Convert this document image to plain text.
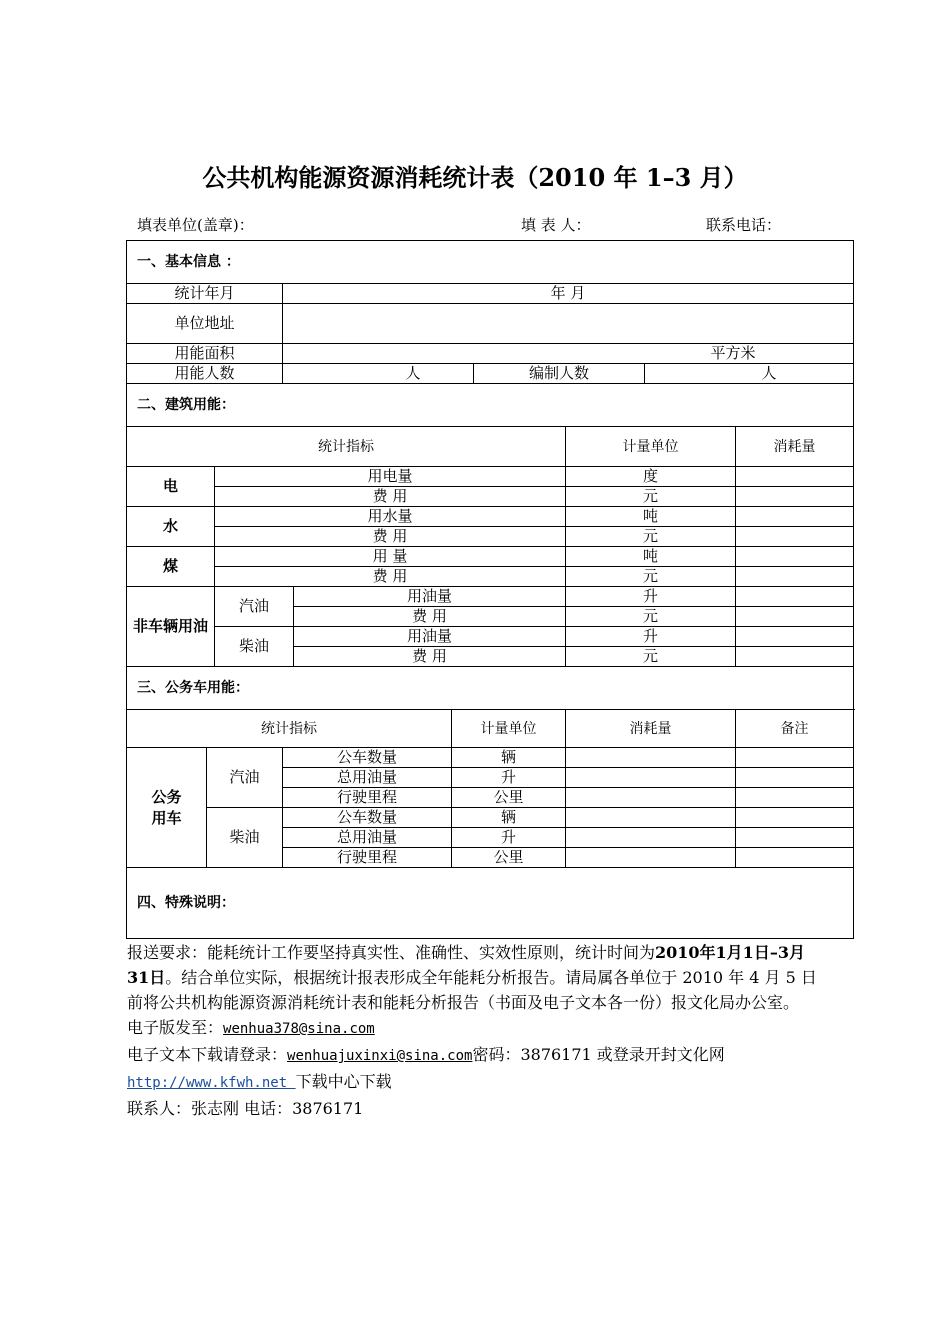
公共机构能源资源消耗统计表（2010 年 1–3 月）
填表单位(盖章)：	填 表 人：	联系电话：
一、基本信息 ：			
统计年月	年 月		
单位地址			
用能面积	平方米		
用能人数	人	编制人数	人
二、建筑用能：			
统计指标			计量单位	消耗量	
电	用电量		度		
	费 用		元		
水	用水量		吨		
	费 用		元		
煤	用 量		吨		
	费 用		元		
非车辆用油	汽油	用油量	升		
		费 用	元		
	柴油	用油量	升		
		费 用	元		
三、公务车用能：					
统计指标			计量单位	消耗量	备注
公务用车	汽油	公车数量	辆		
		总用油量	升		
		行驶里程	公里		
	柴油	公车数量	辆		
		总用油量	升		
		行驶里程	公里		
四、特殊说明：					

报送要求：能耗统计工作要坚持真实性、准确性、实效性原则，统计时间为2010年1月1日–3月31日。结合单位实际，根据统计报表形成全年能耗分析报告。请局属各单位于 2010 年 4 月 5 日前将公共机构能源资源消耗统计表和能耗分析报告（书面及电子文本各一份）报文化局办公室。

电子版发至：wenhua378@sina.com

电子文本下载请登录：wenhuajuxinxi@sina.com密码：3876171 或登录开封文化网

http://www.kfwh.net 下载中心下载

联系人：张志刚 电话：3876171
